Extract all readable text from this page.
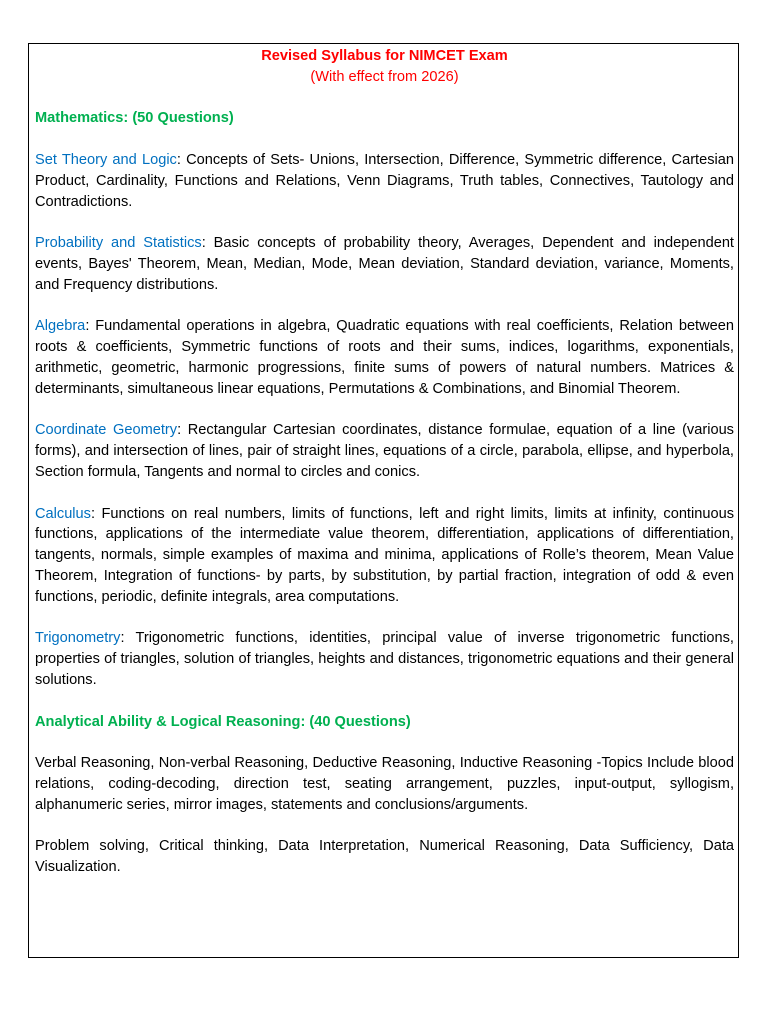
Revised Syllabus for NIMCET Exam
(With effect from 2026)
Mathematics: (50 Questions)
Set Theory and Logic: Concepts of Sets- Unions, Intersection, Difference, Symmetric difference, Cartesian Product, Cardinality, Functions and Relations, Venn Diagrams, Truth tables, Connectives, Tautology and Contradictions.
Probability and Statistics: Basic concepts of probability theory, Averages, Dependent and independent events, Bayes' Theorem, Mean, Median, Mode, Mean deviation, Standard deviation, variance, Moments, and Frequency distributions.
Algebra: Fundamental operations in algebra, Quadratic equations with real coefficients, Relation between roots & coefficients, Symmetric functions of roots and their sums, indices, logarithms, exponentials, arithmetic, geometric, harmonic progressions, finite sums of powers of natural numbers. Matrices & determinants, simultaneous linear equations, Permutations & Combinations, and Binomial Theorem.
Coordinate Geometry: Rectangular Cartesian coordinates, distance formulae, equation of a line (various forms), and intersection of lines, pair of straight lines, equations of a circle, parabola, ellipse, and hyperbola, Section formula, Tangents and normal to circles and conics.
Calculus: Functions on real numbers, limits of functions, left and right limits, limits at infinity, continuous functions, applications of the intermediate value theorem, differentiation, applications of differentiation, tangents, normals, simple examples of maxima and minima, applications of Rolle’s theorem, Mean Value Theorem, Integration of functions- by parts, by substitution, by partial fraction, integration of odd & even functions, periodic, definite integrals, area computations.
Trigonometry: Trigonometric functions, identities, principal value of inverse trigonometric functions, properties of triangles, solution of triangles, heights and distances, trigonometric equations and their general solutions.
Analytical Ability & Logical Reasoning: (40 Questions)
Verbal Reasoning, Non-verbal Reasoning, Deductive Reasoning, Inductive Reasoning -Topics Include blood relations, coding-decoding, direction test, seating arrangement, puzzles, input-output, syllogism, alphanumeric series, mirror images, statements and conclusions/arguments.
Problem solving, Critical thinking, Data Interpretation, Numerical Reasoning, Data Sufficiency, Data Visualization.
